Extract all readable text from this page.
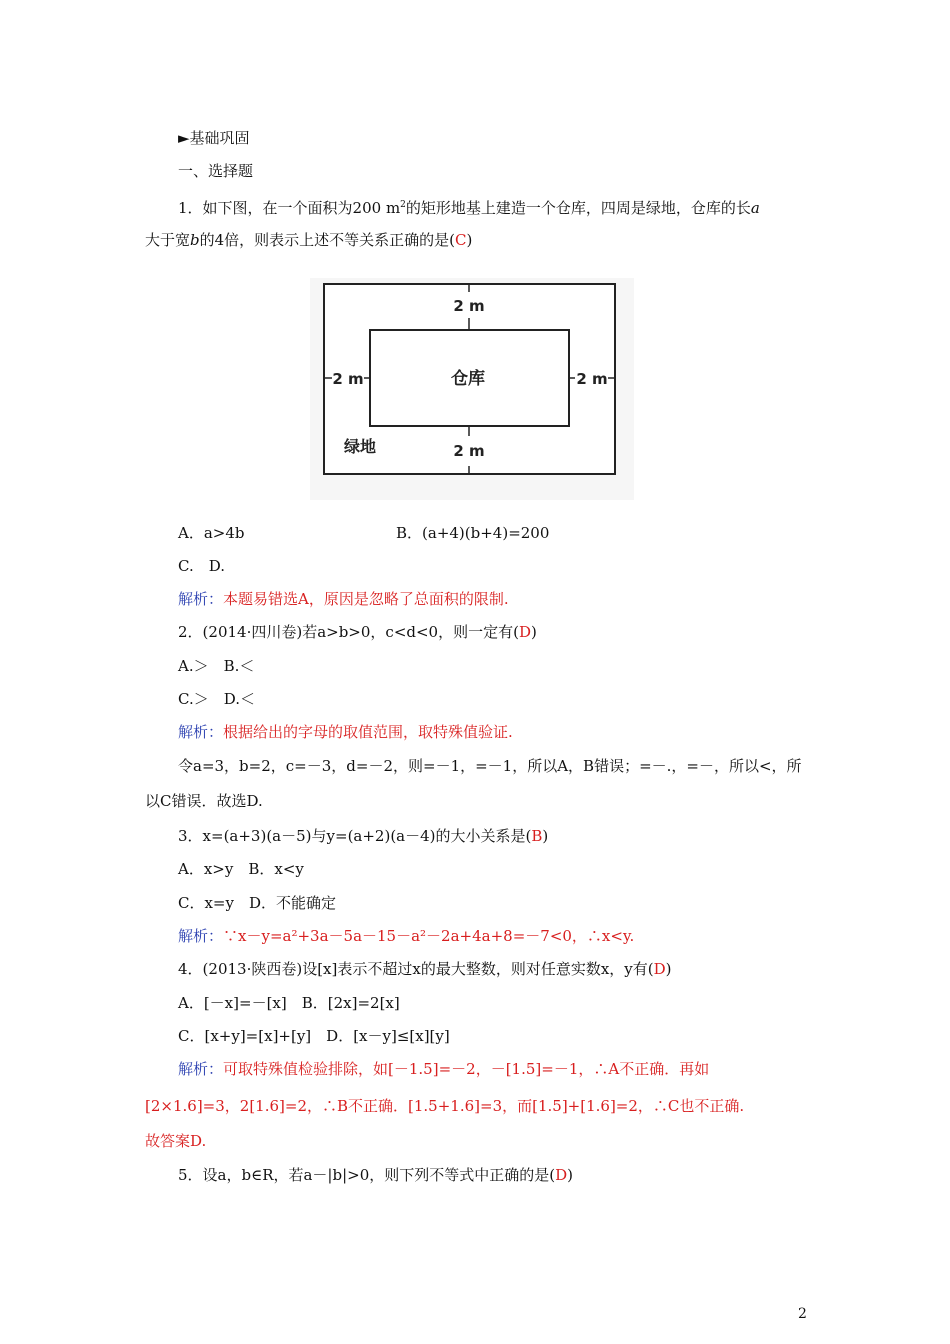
►基础巩固
一、选择题
1．如下图，在一个面积为200 $m^2$的矩形地基上建造一个仓库，四周是绿地，仓库的长a
大于宽b的4倍，则表示上述不等关系正确的是(C)
2 m
2 m
2 m	2 m
仓库
绿地
A．a>4b	B．(a+4)(b+4)=200
C.　D.
解析：本题易错选A，原因是忽略了总面积的限制.
2．(2014·四川卷)若a>b>0，c<d<0，则一定有(D)
A.＞　B.＜
C.＞　D.＜
解析：根据给出的字母的取值范围，取特殊值验证.
令a=3，b=2，c=－3，d=－2，则=－1，=－1，所以A，B错误；=－.，=－，所以<，所
以C错误．故选D.
3．x=(a+3)(a－5)与y=(a+2)(a－4)的大小关系是(B)
A．x>y　B．x<y
C．x=y　D．不能确定
解析：∵x－y=a²+3a－5a－15－a²－2a+4a+8=－7<0，∴x<y.
4．(2013·陕西卷)设[x]表示不超过x的最大整数，则对任意实数x，y有(D)
A．[－x]=－[x]　B．[2x]=2[x]
C．[x+y]=[x]+[y]　D．[x－y]≤[x][y]
解析：可取特殊值检验排除，如[－1.5]=－2，－[1.5]=－1，∴A不正确．再如
[2×1.6]=3，2[1.6]=2，∴B不正确．[1.5+1.6]=3，而[1.5]+[1.6]=2，∴C也不正确.
故答案D.
5．设a，b∈R，若a－|b|>0，则下列不等式中正确的是(D)
2
